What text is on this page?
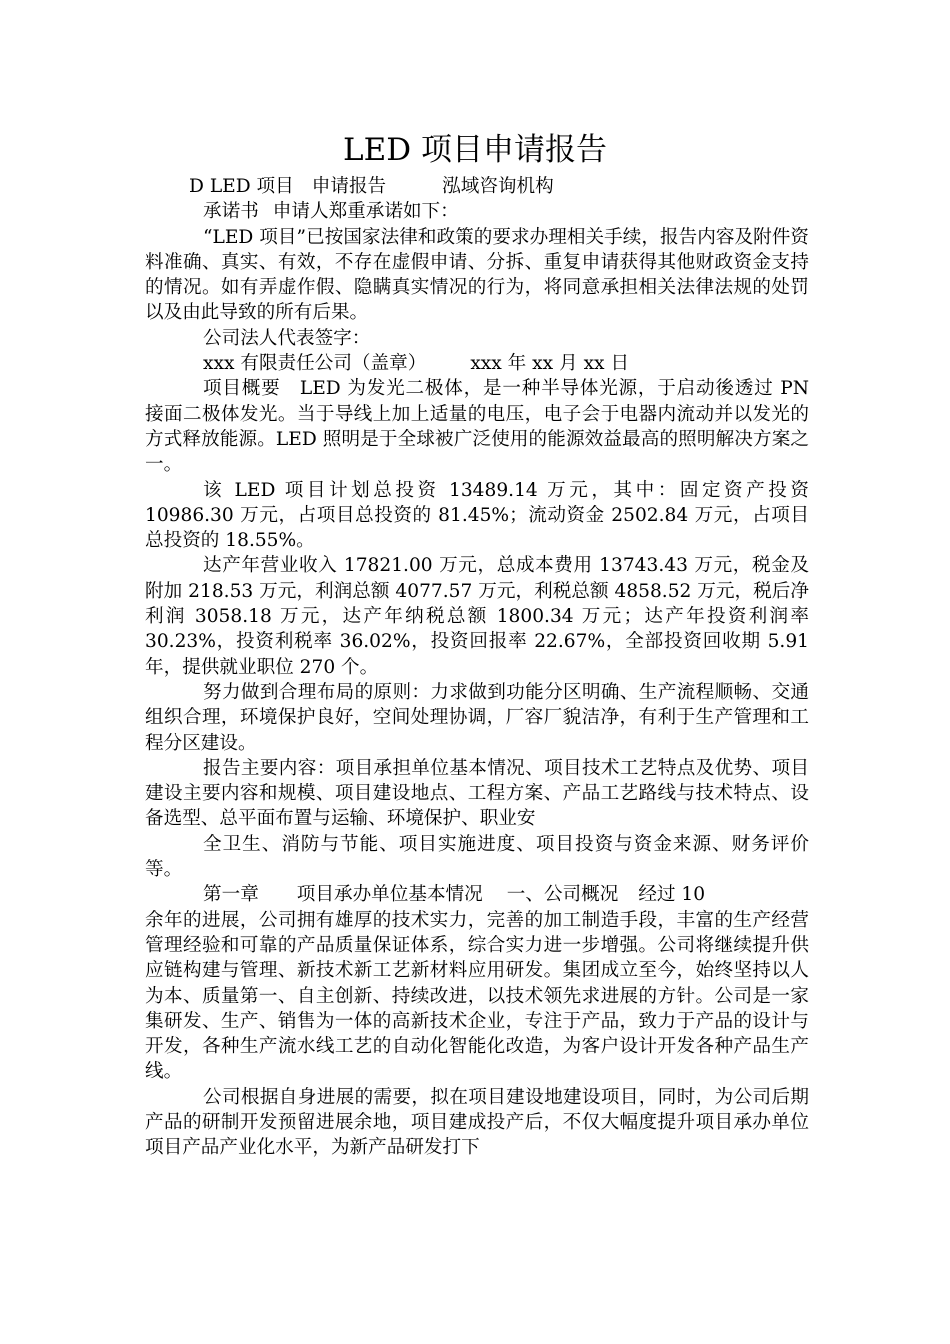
LED 项目申请报告

D LED 项目 申请报告	泓域咨询机构

承诺书 申请人郑重承诺如下：

“LED 项目”已按国家法律和政策的要求办理相关手续，报告内容及附件资料准确、真实、有效，不存在虚假申请、分拆、重复申请获得其他财政资金支持的情况。如有弄虚作假、隐瞒真实情况的行为，将同意承担相关法律法规的处罚以及由此导致的所有后果。

公司法人代表签字：

xxx 有限责任公司（盖章） xxx 年 xx 月 xx 日

项目概要　LED 为发光二极体，是一种半导体光源，于启动後透过 PN 接面二极体发光。当于导线上加上适量的电压，电子会于电器内流动并以发光的方式释放能源。LED 照明是于全球被广泛使用的能源效益最高的照明解决方案之一。

该 LED 项目计划总投资 13489.14 万元，其中：固定资产投资 10986.30 万元，占项目总投资的 81.45%；流动资金 2502.84 万元，占项目总投资的 18.55%。

达产年营业收入 17821.00 万元，总成本费用 13743.43 万元，税金及附加 218.53 万元，利润总额 4077.57 万元，利税总额 4858.52 万元，税后净利润 3058.18 万元，达产年纳税总额 1800.34 万元；达产年投资利润率 30.23%，投资利税率 36.02%，投资回报率 22.67%，全部投资回收期 5.91 年，提供就业职位 270 个。

努力做到合理布局的原则：力求做到功能分区明确、生产流程顺畅、交通组织合理，环境保护良好，空间处理协调，厂容厂貌洁净，有利于生产管理和工程分区建设。

报告主要内容：项目承担单位基本情况、项目技术工艺特点及优势、项目建设主要内容和规模、项目建设地点、工程方案、产品工艺路线与技术特点、设备选型、总平面布置与运输、环境保护、职业安

全卫生、消防与节能、项目实施进度、项目投资与资金来源、财务评价等。

第一章 项目承办单位基本情况 一、公司概况 经过 10

余年的进展，公司拥有雄厚的技术实力，完善的加工制造手段，丰富的生产经营管理经验和可靠的产品质量保证体系，综合实力进一步增强。公司将继续提升供应链构建与管理、新技术新工艺新材料应用研发。集团成立至今，始终坚持以人为本、质量第一、自主创新、持续改进，以技术领先求进展的方针。公司是一家集研发、生产、销售为一体的高新技术企业，专注于产品，致力于产品的设计与开发，各种生产流水线工艺的自动化智能化改造，为客户设计开发各种产品生产线。

公司根据自身进展的需要，拟在项目建设地建设项目，同时，为公司后期产品的研制开发预留进展余地，项目建成投产后，不仅大幅度提升项目承办单位项目产品产业化水平，为新产品研发打下
